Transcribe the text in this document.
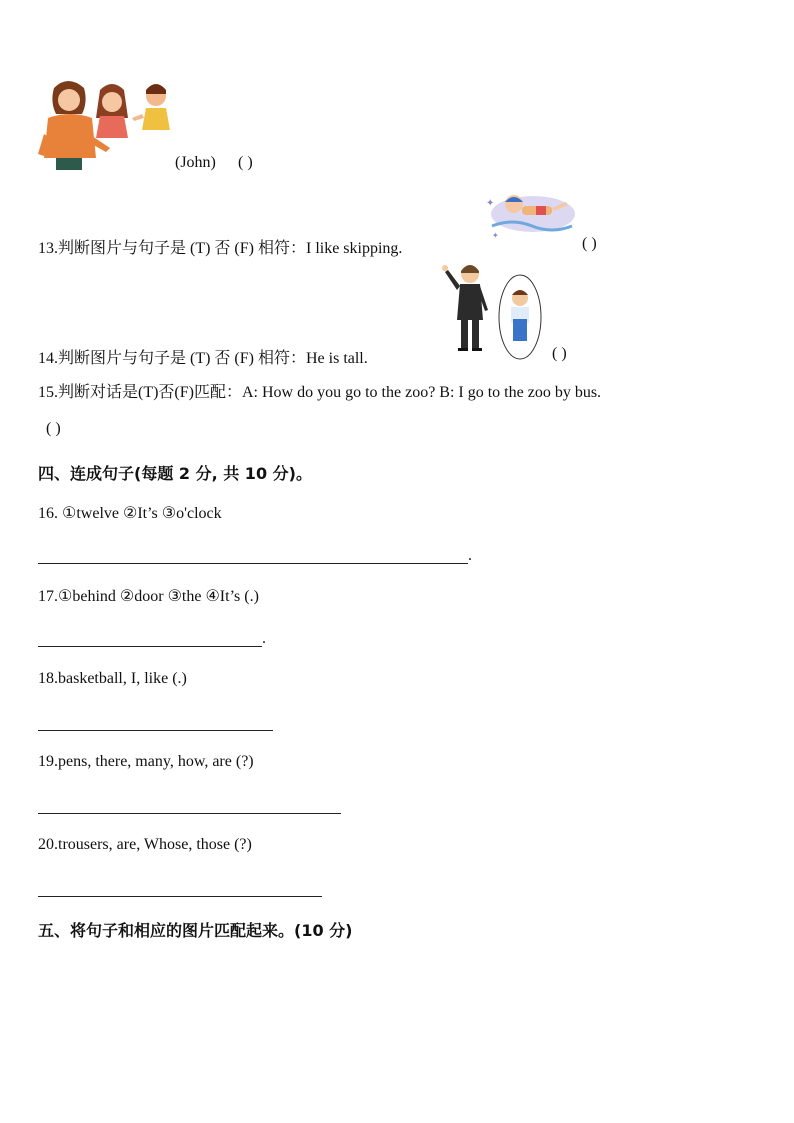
(John) ( )
✦
✦
13.判断图片与句子是 (T) 否 (F) 相符：I like skipping.	( )
14.判断图片与句子是 (T) 否 (F) 相符：He is tall.	( )
15.判断对话是(T)否(F)匹配：A: How do you go to the zoo? B: I go to the zoo by bus.
( )
四、连成句子(每题 2 分, 共 10 分)。
16. ①twelve ②It’s ③o'clock
.
17.①behind ②door ③the ④It’s (.)
.
18.basketball, I, like (.)
19.pens, there, many, how, are (?)
20.trousers, are, Whose, those (?)
五、将句子和相应的图片匹配起来。(10 分)
